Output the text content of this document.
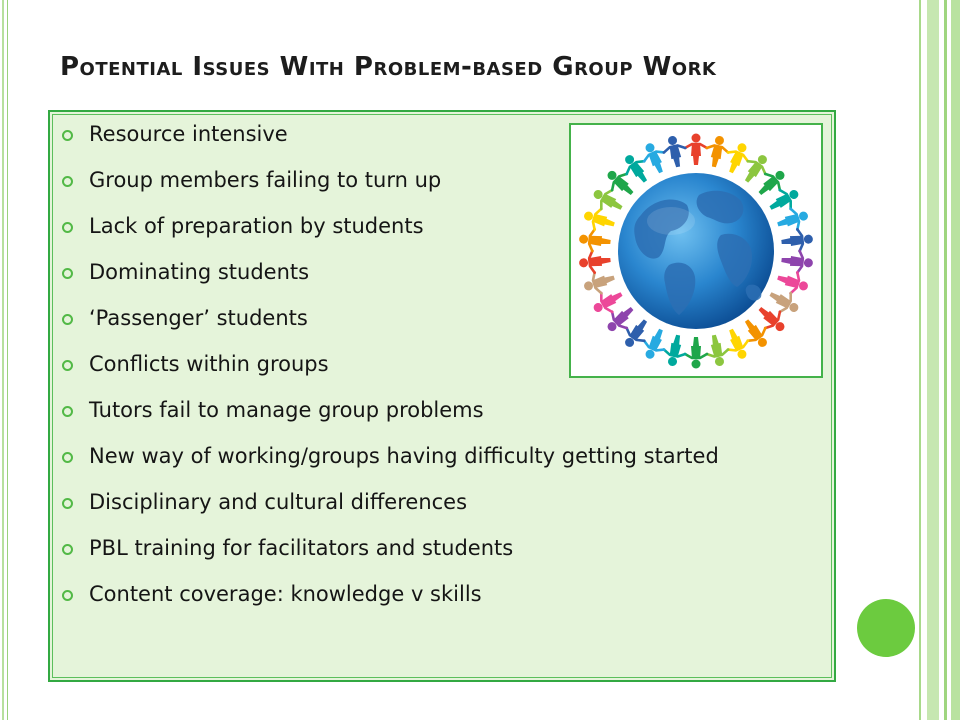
Potential Issues With Problem-based Group Work
Resource intensive
Group members failing to turn up
Lack of preparation by students
Dominating students
‘Passenger’ students
Conflicts within groups
Tutors fail to manage group problems
New way of working/groups having difficulty getting started
Disciplinary and cultural differences
PBL training for facilitators and students
Content coverage: knowledge v skills
